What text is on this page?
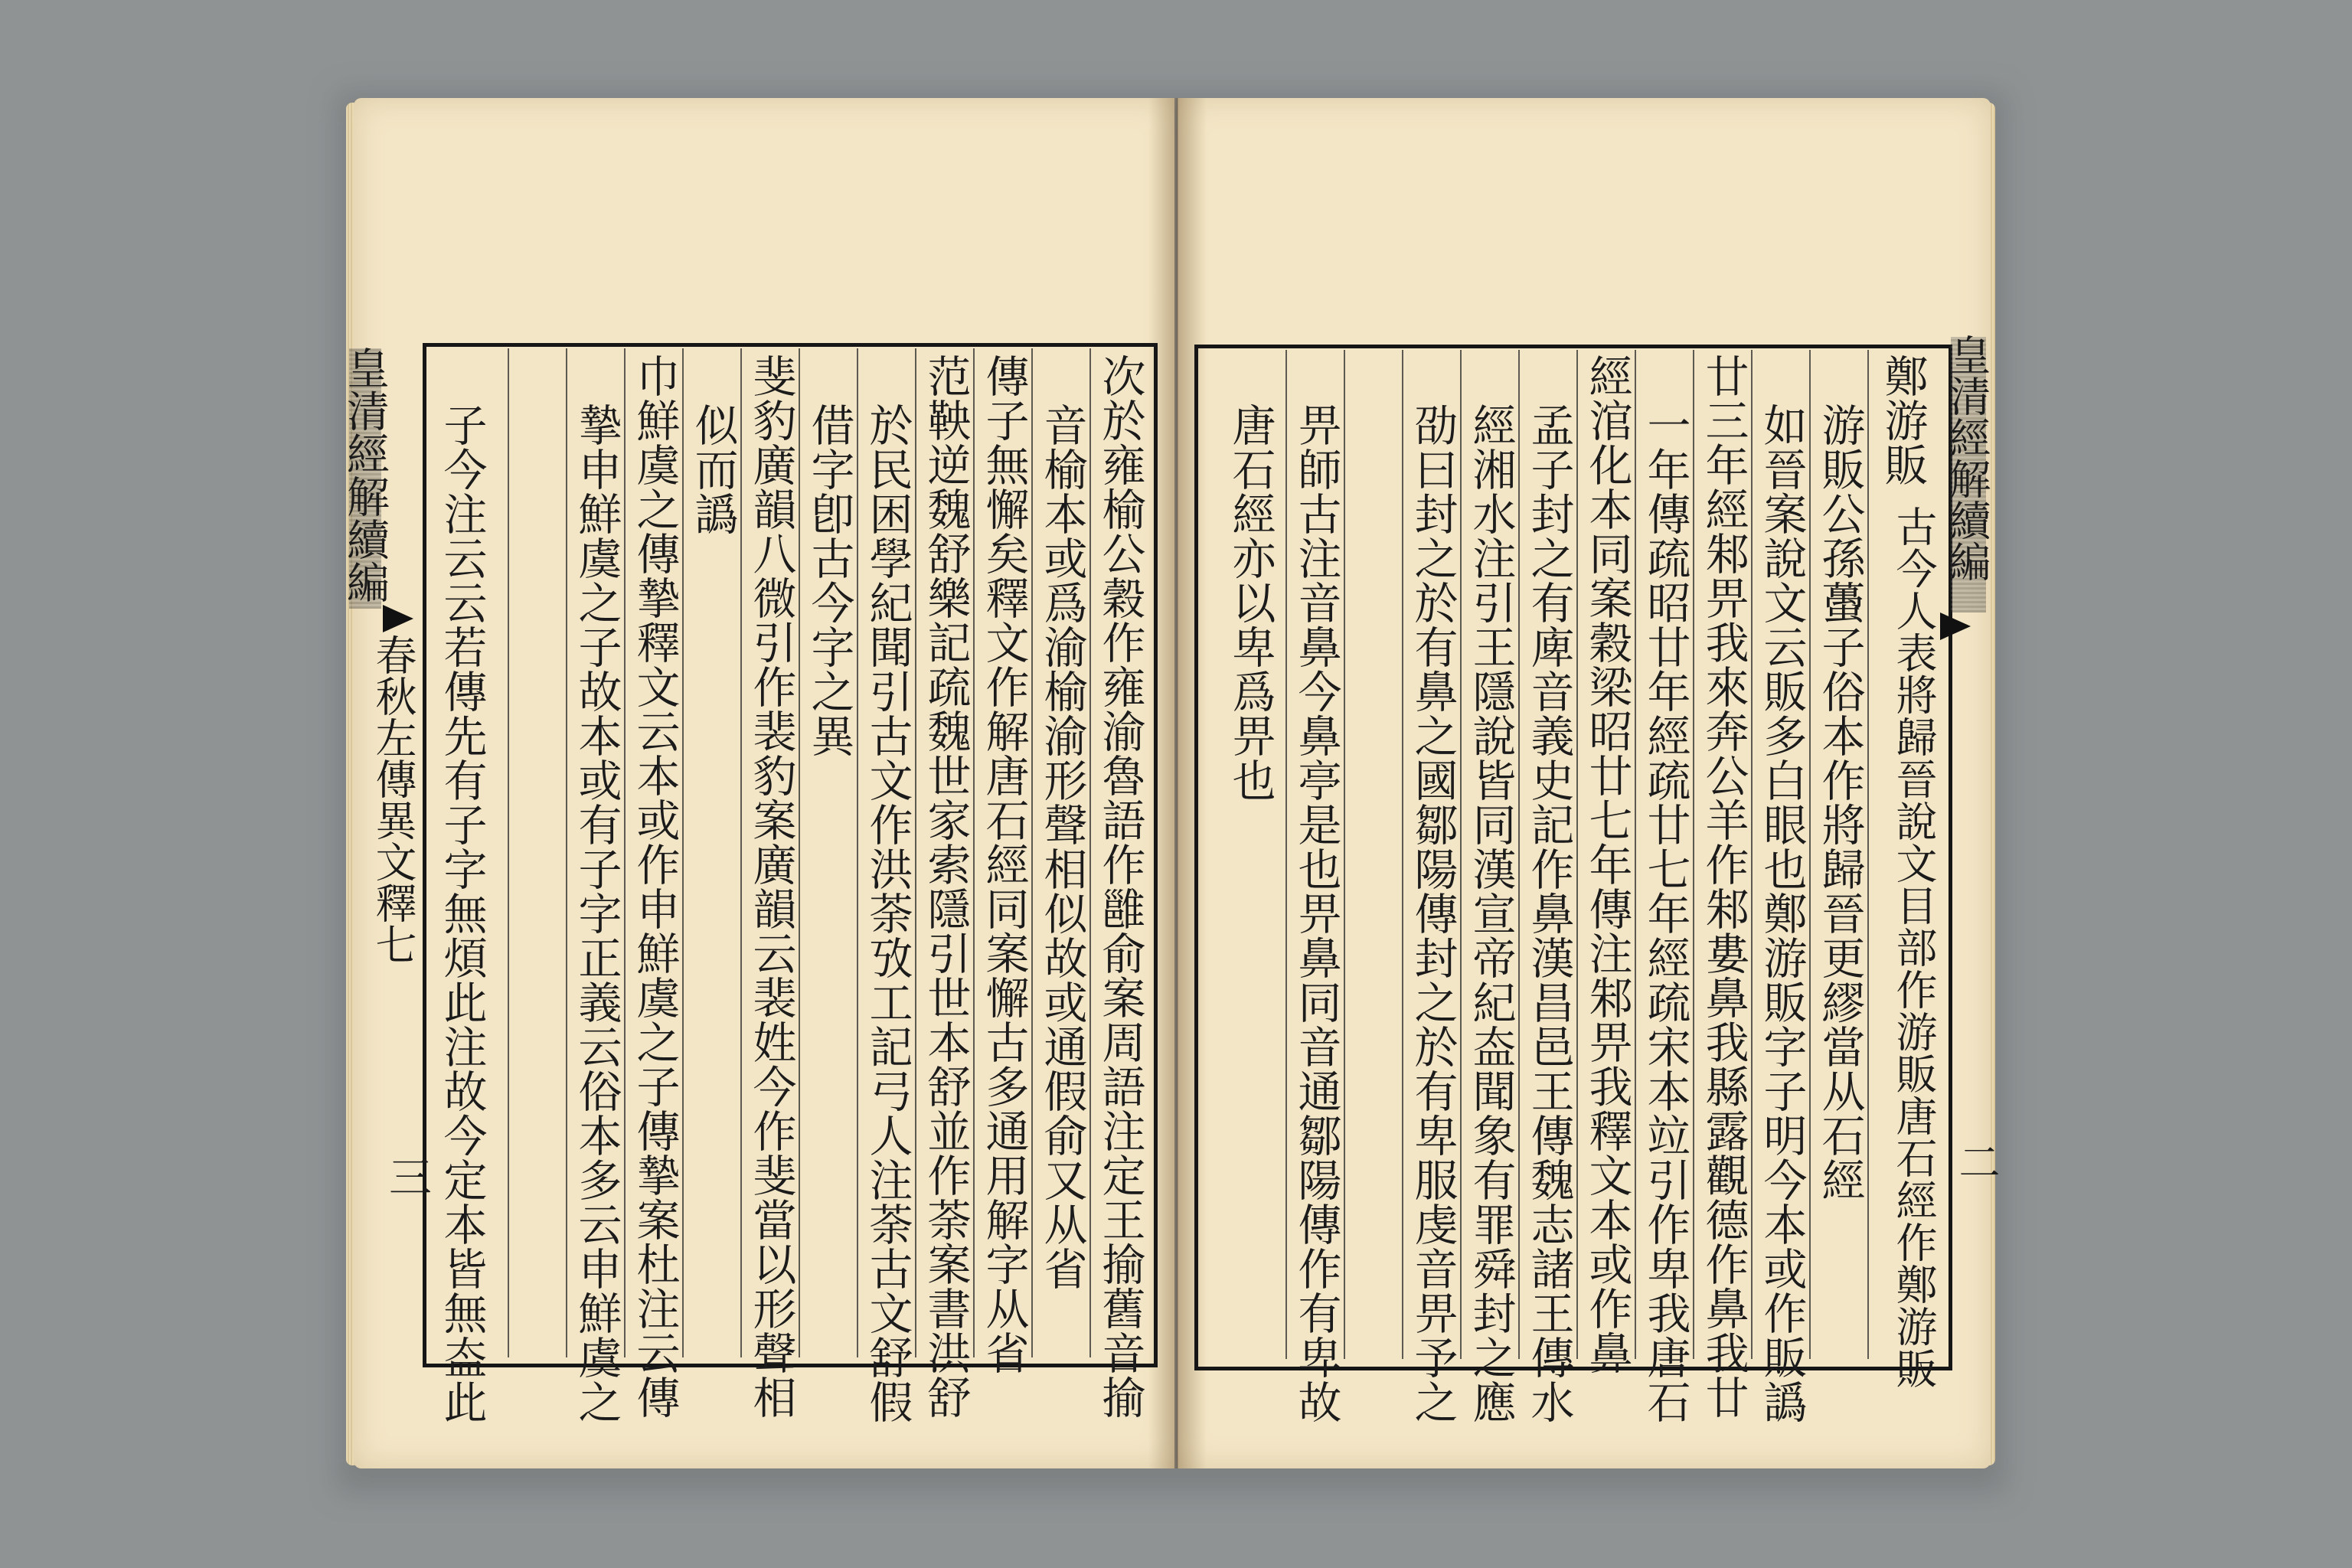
皇清經解續編
春秋左傳異文釋七
三	次於雍榆公穀作雍渝魯語作雝俞案周語注定王揄舊音揄
音榆本或爲渝榆渝形聲相似故或通假俞又从省
傳子無懈矣釋文作解唐石經同案懈古多通用解字从省
范鞅逆魏舒樂記疏魏世家索隱引世本舒並作荼案書洪舒
於民困學紀聞引古文作洪荼攷工記弓人注荼古文舒假
借字卽古今字之異
斐豹廣韻八微引作裴豹案廣韻云裴姓今作斐當以形聲相
似而譌
巾鮮虞之傳摯釋文云本或作申鮮虞之子傳摯案杜注云傳
摯申鮮虞之子故本或有子字正義云俗本多云申鮮虞之
子今注云云若傳先有子字無煩此注故今定本皆無盇此	皇清經解續編
二
鄭游販
古今人表將歸晉說文目部作游販唐石經作鄭游販
游販公孫蠆子俗本作將歸晉更繆當从石經
如晉案說文云販多白眼也鄭游販字子明今本或作販譌
廿三年經邾畀我來奔公羊作邾婁鼻我縣露觀德作鼻我廿
一年傳疏昭廿年經疏廿七年經疏宋本竝引作卑我唐石
經涫化本同案穀梁昭廿七年傳注邾畀我釋文本或作鼻
孟子封之有庳音義史記作鼻漢昌邑王傳魏志諸王傳水
經湘水注引王隱說皆同漢宣帝紀盇聞象有罪舜封之應
劭曰封之於有鼻之國鄒陽傳封之於有卑服虔音畀予之
畀師古注音鼻今鼻亭是也畀鼻同音通鄒陽傳作有卑故
唐石經亦以卑爲畀也
